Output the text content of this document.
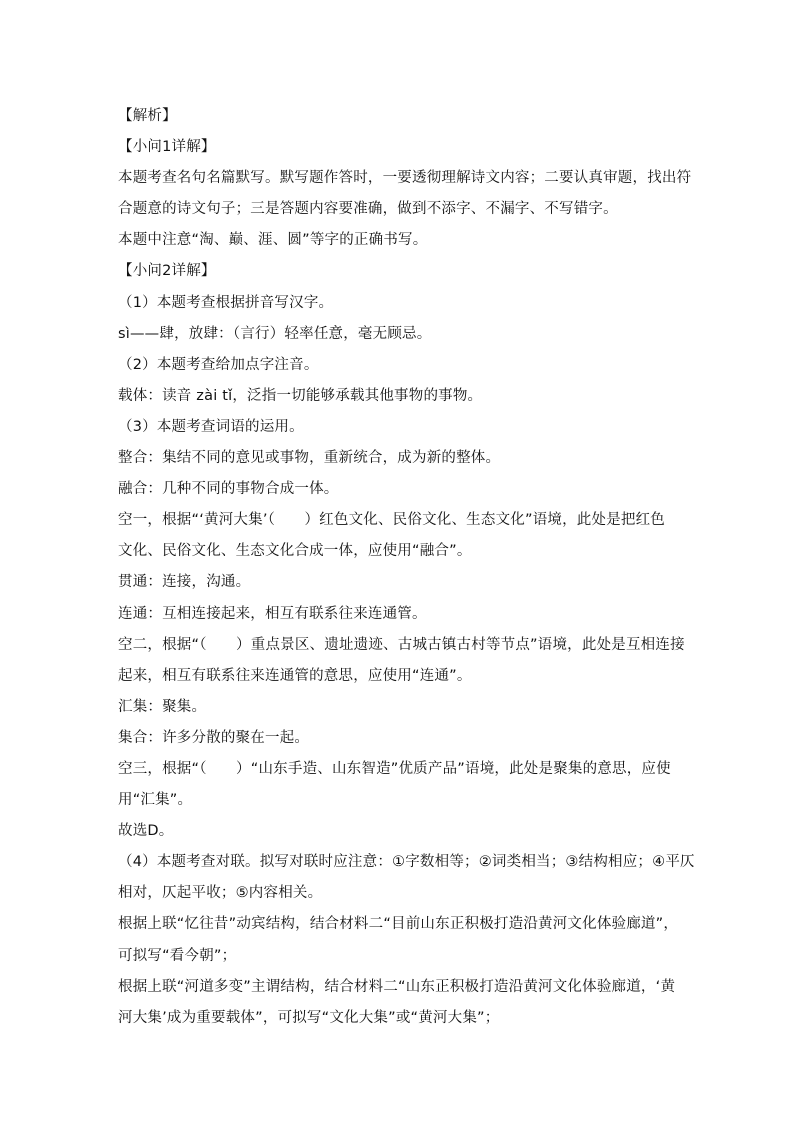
【解析】
【小问1详解】
本题考查名句名篇默写。默写题作答时，一要透彻理解诗文内容；二要认真审题，找出符
合题意的诗文句子；三是答题内容要准确，做到不添字、不漏字、不写错字。
本题中注意“淘、巅、涯、圆”等字的正确书写。
【小问2详解】
（1）本题考查根据拼音写汉字。
sì——肆，放肆：（言行）轻率任意，毫无顾忌。
（2）本题考查给加点字注音。
载体：读音 zài tǐ，泛指一切能够承载其他事物的事物。
（3）本题考查词语的运用。
整合：集结不同的意见或事物，重新统合，成为新的整体。
融合：几种不同的事物合成一体。
空一，根据“‘黄河大集’（　　）红色文化、民俗文化、生态文化”语境，此处是把红色
文化、民俗文化、生态文化合成一体，应使用“融合”。
贯通：连接，沟通。
连通：互相连接起来，相互有联系往来连通管。
空二，根据“（　　）重点景区、遗址遗迹、古城古镇古村等节点”语境，此处是互相连接
起来，相互有联系往来连通管的意思，应使用“连通”。
汇集：聚集。
集合：许多分散的聚在一起。
空三，根据“（　　）“山东手造、山东智造”优质产品”语境，此处是聚集的意思，应使
用“汇集”。
故选D。
（4）本题考查对联。拟写对联时应注意：①字数相等；②词类相当；③结构相应；④平仄
相对，仄起平收；⑤内容相关。
根据上联“忆往昔”动宾结构，结合材料二“目前山东正积极打造沿黄河文化体验廊道”，
可拟写“看今朝”；
根据上联“河道多变”主谓结构，结合材料二“山东正积极打造沿黄河文化体验廊道，‘黄
河大集’成为重要载体”，可拟写“文化大集”或“黄河大集”；
